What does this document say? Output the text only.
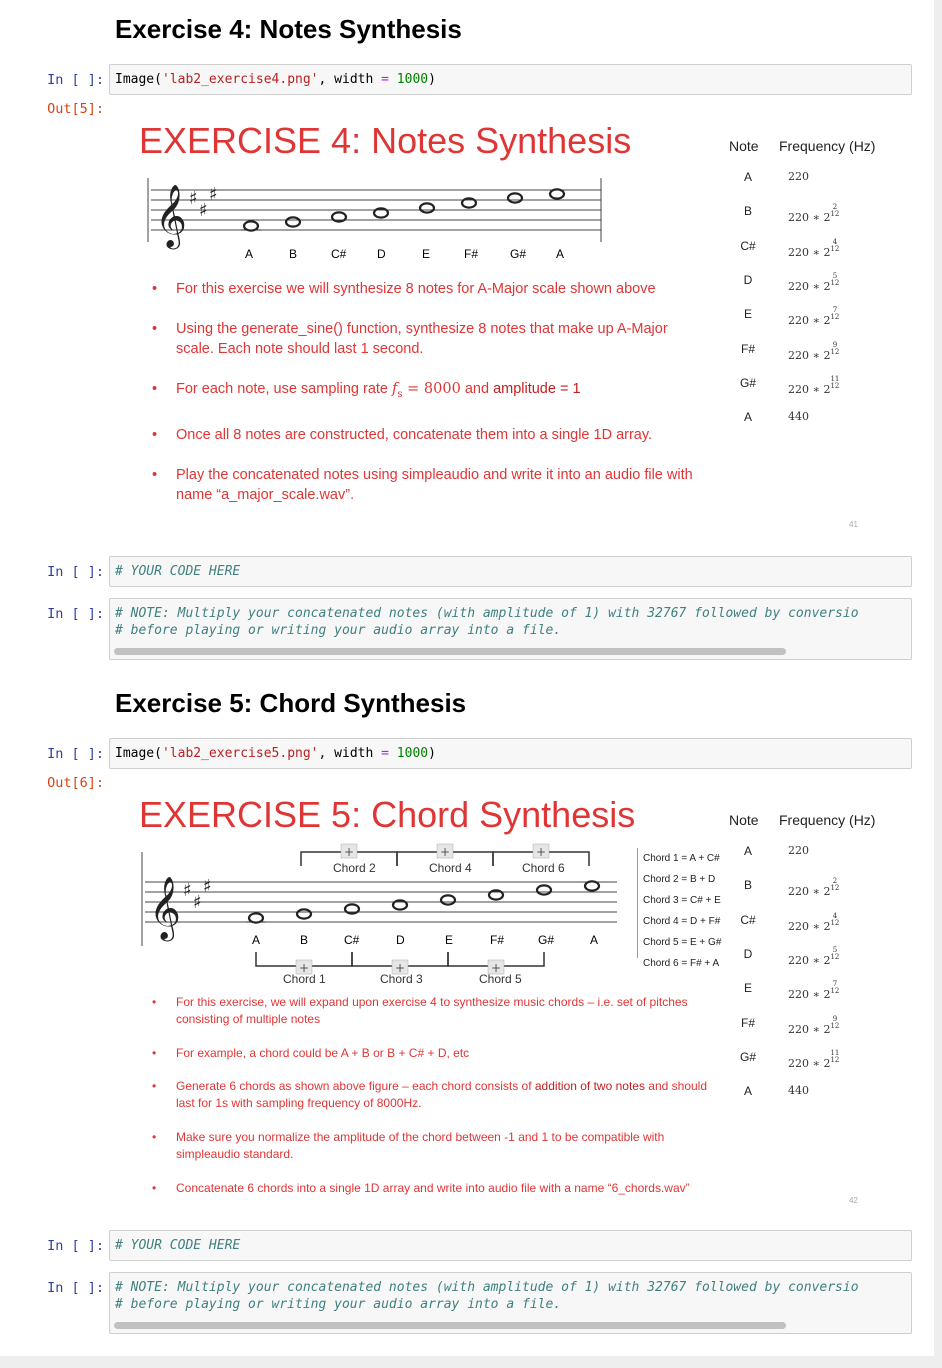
Exercise 4: Notes Synthesis
In [ ]: Image('lab2_exercise4.png', width = 1000)
Out[5]:
EXERCISE 4: Notes Synthesis
𝄞 ♯
♯
♯
A	B	C#	D	E	F#	G# A
• For this exercise we will synthesize 8 notes for A-Major scale shown above
• Using the generate_sine() function, synthesize 8 notes that make up A-Major scale. Each note should last 1 second.
• For each note, use sampling rate $f_s = 8000$ and amplitude = 1
• Once all 8 notes are constructed, concatenate them into a single 1D array.
• Play the concatenated notes using simpleaudio and write it into an audio file with name “a_major_scale.wav”.
Note Frequency (Hz)
A	220
B	220 ∗ 2
2
12
C#	220 ∗ 2
4
12
D	220 ∗ 2
5
12
E	220 ∗ 2
7
12
F#	220 ∗ 2
9
12
G#	220 ∗ 2
11
12
A	440
41
In [ ]: # YOUR CODE HERE
In [ ]: # NOTE: Multiply your concatenated notes (with amplitude of 1) with 32767 followed by conversio
# before playing or writing your audio array into a file.
Exercise 5: Chord Synthesis
In [ ]: Image('lab2_exercise5.png', width = 1000)
Out[6]:
EXERCISE 5: Chord Synthesis
+	+	+
+	+	+
𝄞 ♯
♯
♯
Chord 2	Chord 4	Chord 6
A	B	C#	D	E	F#	G#	A
Chord 1	Chord 3	Chord 5
Chord 1 = A + C#
Chord 2 = B + D
Chord 3 = C# + E
Chord 4 = D + F#
Chord 5 = E + G#
Chord 6 = F# + A
• For this exercise, we will expand upon exercise 4 to synthesize music chords – i.e. set of pitches consisting of multiple notes
• For example, a chord could be A + B or B + C# + D, etc
• Generate 6 chords as shown above figure – each chord consists of addition of two notes and should last for 1s with sampling frequency of 8000Hz.
• Make sure you normalize the amplitude of the chord between -1 and 1 to be compatible with simpleaudio standard.
• Concatenate 6 chords into a single 1D array and write into audio file with a name “6_chords.wav”
Note Frequency (Hz)
A	220
B	220 ∗ 2
2
12
C#	220 ∗ 2
4
12
D	220 ∗ 2
5
12
E	220 ∗ 2
7
12
F#	220 ∗ 2
9
12
G#	220 ∗ 2
11
12
A	440
42
In [ ]: # YOUR CODE HERE
In [ ]: # NOTE: Multiply your concatenated notes (with amplitude of 1) with 32767 followed by conversio
# before playing or writing your audio array into a file.
